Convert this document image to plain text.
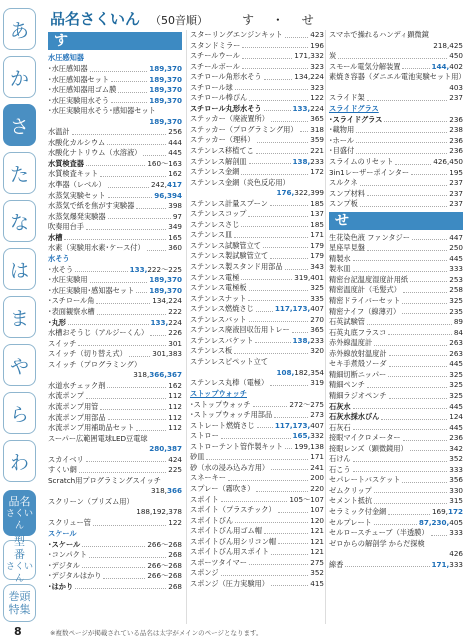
あ
か
さ
た
な
は
ま
や
ら
わ
品名
さくいん
型　番
さくいん
巻頭
特集
8
品名さくいん （50音順）	す ・ せ
す
水圧感知器
･水圧感知器	189,370
･水圧感知器セット	189,370
･水圧感知器用ゴム膜	189,370
･水圧実験用水そう	189,370
･水圧実験用水そう･感知器セット
189,370
水温計	256
水酸化カルシウム	444
水酸化ナトリウム（水溶液）	445
水質検査器	160～163
水質検査キット	162
水準器（レベル）	242,417
水蒸気実験セット	96,394
水蒸気で紙を焦がす実験器	398
水蒸気爆発実験器	97
吹奏用台手	349
水槽	165
水素（実験用水素･ケース付）	360
水そう
･水そう	133,222～225
･水圧実験用	189,370
･水圧実験用･感知器セット 189,370
･スチロール角	134,224
･表面観察水槽	222
･丸形	133,224
水槽おそうじ（アルジーくん）	226
スイッチ	301
スイッチ（切り替え式）	301,383
スイッチ（プログラミング）
318,366,367
水道水チェック剤	162
水流ポンプ	112
水流ポンプ用管	112
水流ポンプ用部品	112
水流ポンプ用補助品セット	112
スーパー広範囲電球LED豆電球
280,387
スカイベリ	424
すくい網	225
Scratch用プログラミングスイッチ
318,366
スクリーン（プリズム用）
188,192,378
スクリュー管	122
スケール
･スケール	266～268
･コンパクト	268
･デジタル	266～268
･デジタルはかり	266～268
･はかり	268
スターリングエンジンキット	423
スタンドミラー	196
スチールウール	171,332
スチールボール	323
スチロール角形水そう	134,224
スチロール球	323
スチロール棒ぴん	122
スチロール丸形水そう	133,224
ステッカー（廃液置所）	365
ステッカー（プログラミング用） 318
ステッカー（理科）	359
ステンレス移植てこ	221
ステンレス解剖皿	138,233
ステンレス金網	172
ステンレス金網（炎色反応用）
176,322,399
ステンレス計量スプーン	185
ステンレスコップ	137
ステンレスさじ	185
ステンレス皿	171
ステンレス試験管立て	179
ステンレス製試験管立て	179
ステンレス製スタンド用部品	343
ステンレス電極	319,401
ステンレス電極板	325
ステンレスナット	335
ステンレス燃焼さじ	117,173,407
ステンレスバット	270
ステンレス廃液回収缶用トレー	365
ステンレスバケット	138,233
ステンレス板	320
ステンレスピペット立て
108,182,354
ステンレス丸棒（電極）	319
ストップウォッチ
･ストップウォッチ	272～275
･ストップウォッチ用部品	273
ストレート燃焼さじ	117,173,407
ストロー	165,332
ストローテント管作製キット 199,138
砂皿	171
砂（水の浸み込み方用）	241
スネーキー	200
スプレー（霧吹き）	220
スポイト	105～107
スポイト（プラスチック）	107
スポイトびん	120
スポイトびん用ゴム帽	121
スポイトびん用シリコン帽	121
スポイトびん用スポイト	121
スポーツタイマー	275
スポンジ	352
スポンジ（圧力実験用）	415
スマホで操れるハンディ顕微鏡
218,425
炭	450
スモール電気分解装置	144,402
素焼き容器（ダニエル電池実験セット用）
403
スライド架	237
スライドグラス
･スライドグラス	236
･載物用	238
･ホール	236
･目盛付	236
スライムのリセット	426,450
3in1レーザーポインター	195
スルクネ	237
スンプ材料	237
スンプ板	237
せ
生花染色液 ファンタジー	447
星座早見盤	250
精製水	445
製氷皿	333
精密台記温度湿度計用紙	253
精密温度計（毛髪式）	258
精密ドライバーセット	325
精密ナイフ（線薄刃）	235
石英試験管	89
石英丸底フラスコ	84
赤外線温度計	263
赤外線放射温度計	263
セキ手煮殻ソーダ	445
精細切断ニッパー	325
精細ペンチ	325
精細ラジオペンチ	325
石灰水	445
石灰水採水びん	124
石灰石	445
接眼マイクロメーター	236
接眼レンズ（顕微鏡用）	342
石けん	352
石こう	333
セパレートバスケット	356
ゼムクリップ	330
セメント抵抗	315
セラミック付金網	169,172
セルプレート	87,230,405
セルロースチューブ（半透膜）	333
ゼロからの解剖学 からだ探検
426
線香	171,333
※複数ページが掲載されている品名は太字がメインのページとなります。
